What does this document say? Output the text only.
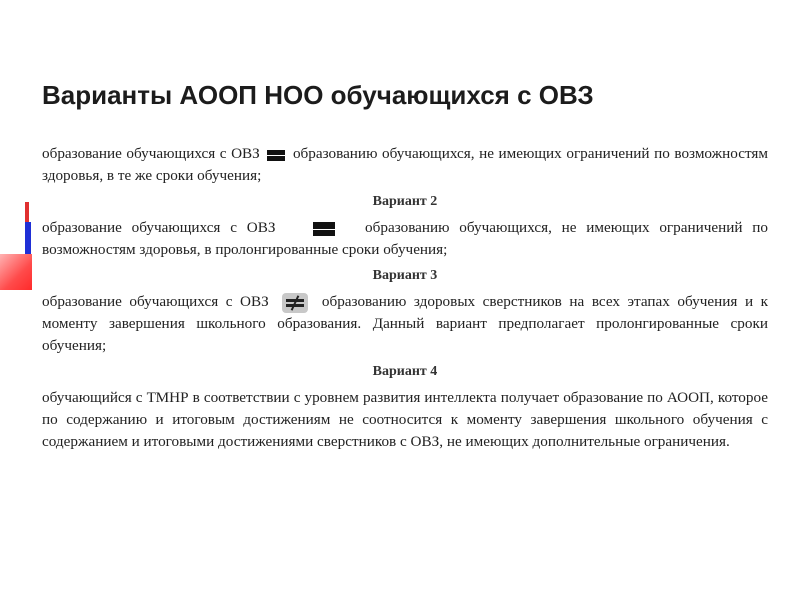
Варианты АООП НОО обучающихся с ОВЗ

образование обучающихся с ОВЗ образованию обучающихся, не имеющих ограничений по возможностям здоровья, в те же сроки обучения;

Вариант 2

образование обучающихся с ОВЗ	образованию обучающихся, не имеющих ограничений по возможностям здоровья, в пролонгированные сроки обучения;

Вариант 3

образование обучающихся с ОВЗ	образованию здоровых сверстников на всех этапах обучения и к моменту завершения школьного образования. Данный вариант предполагает пролонгированные сроки обучения;

Вариант 4

обучающийся с ТМНР в соответствии с уровнем развития интеллекта получает образование по АООП, которое по содержанию и итоговым достижениям не соотносится к моменту завершения школьного обучения с содержанием и итоговыми достижениями сверстников с ОВЗ, не имеющих дополнительные ограничения.
